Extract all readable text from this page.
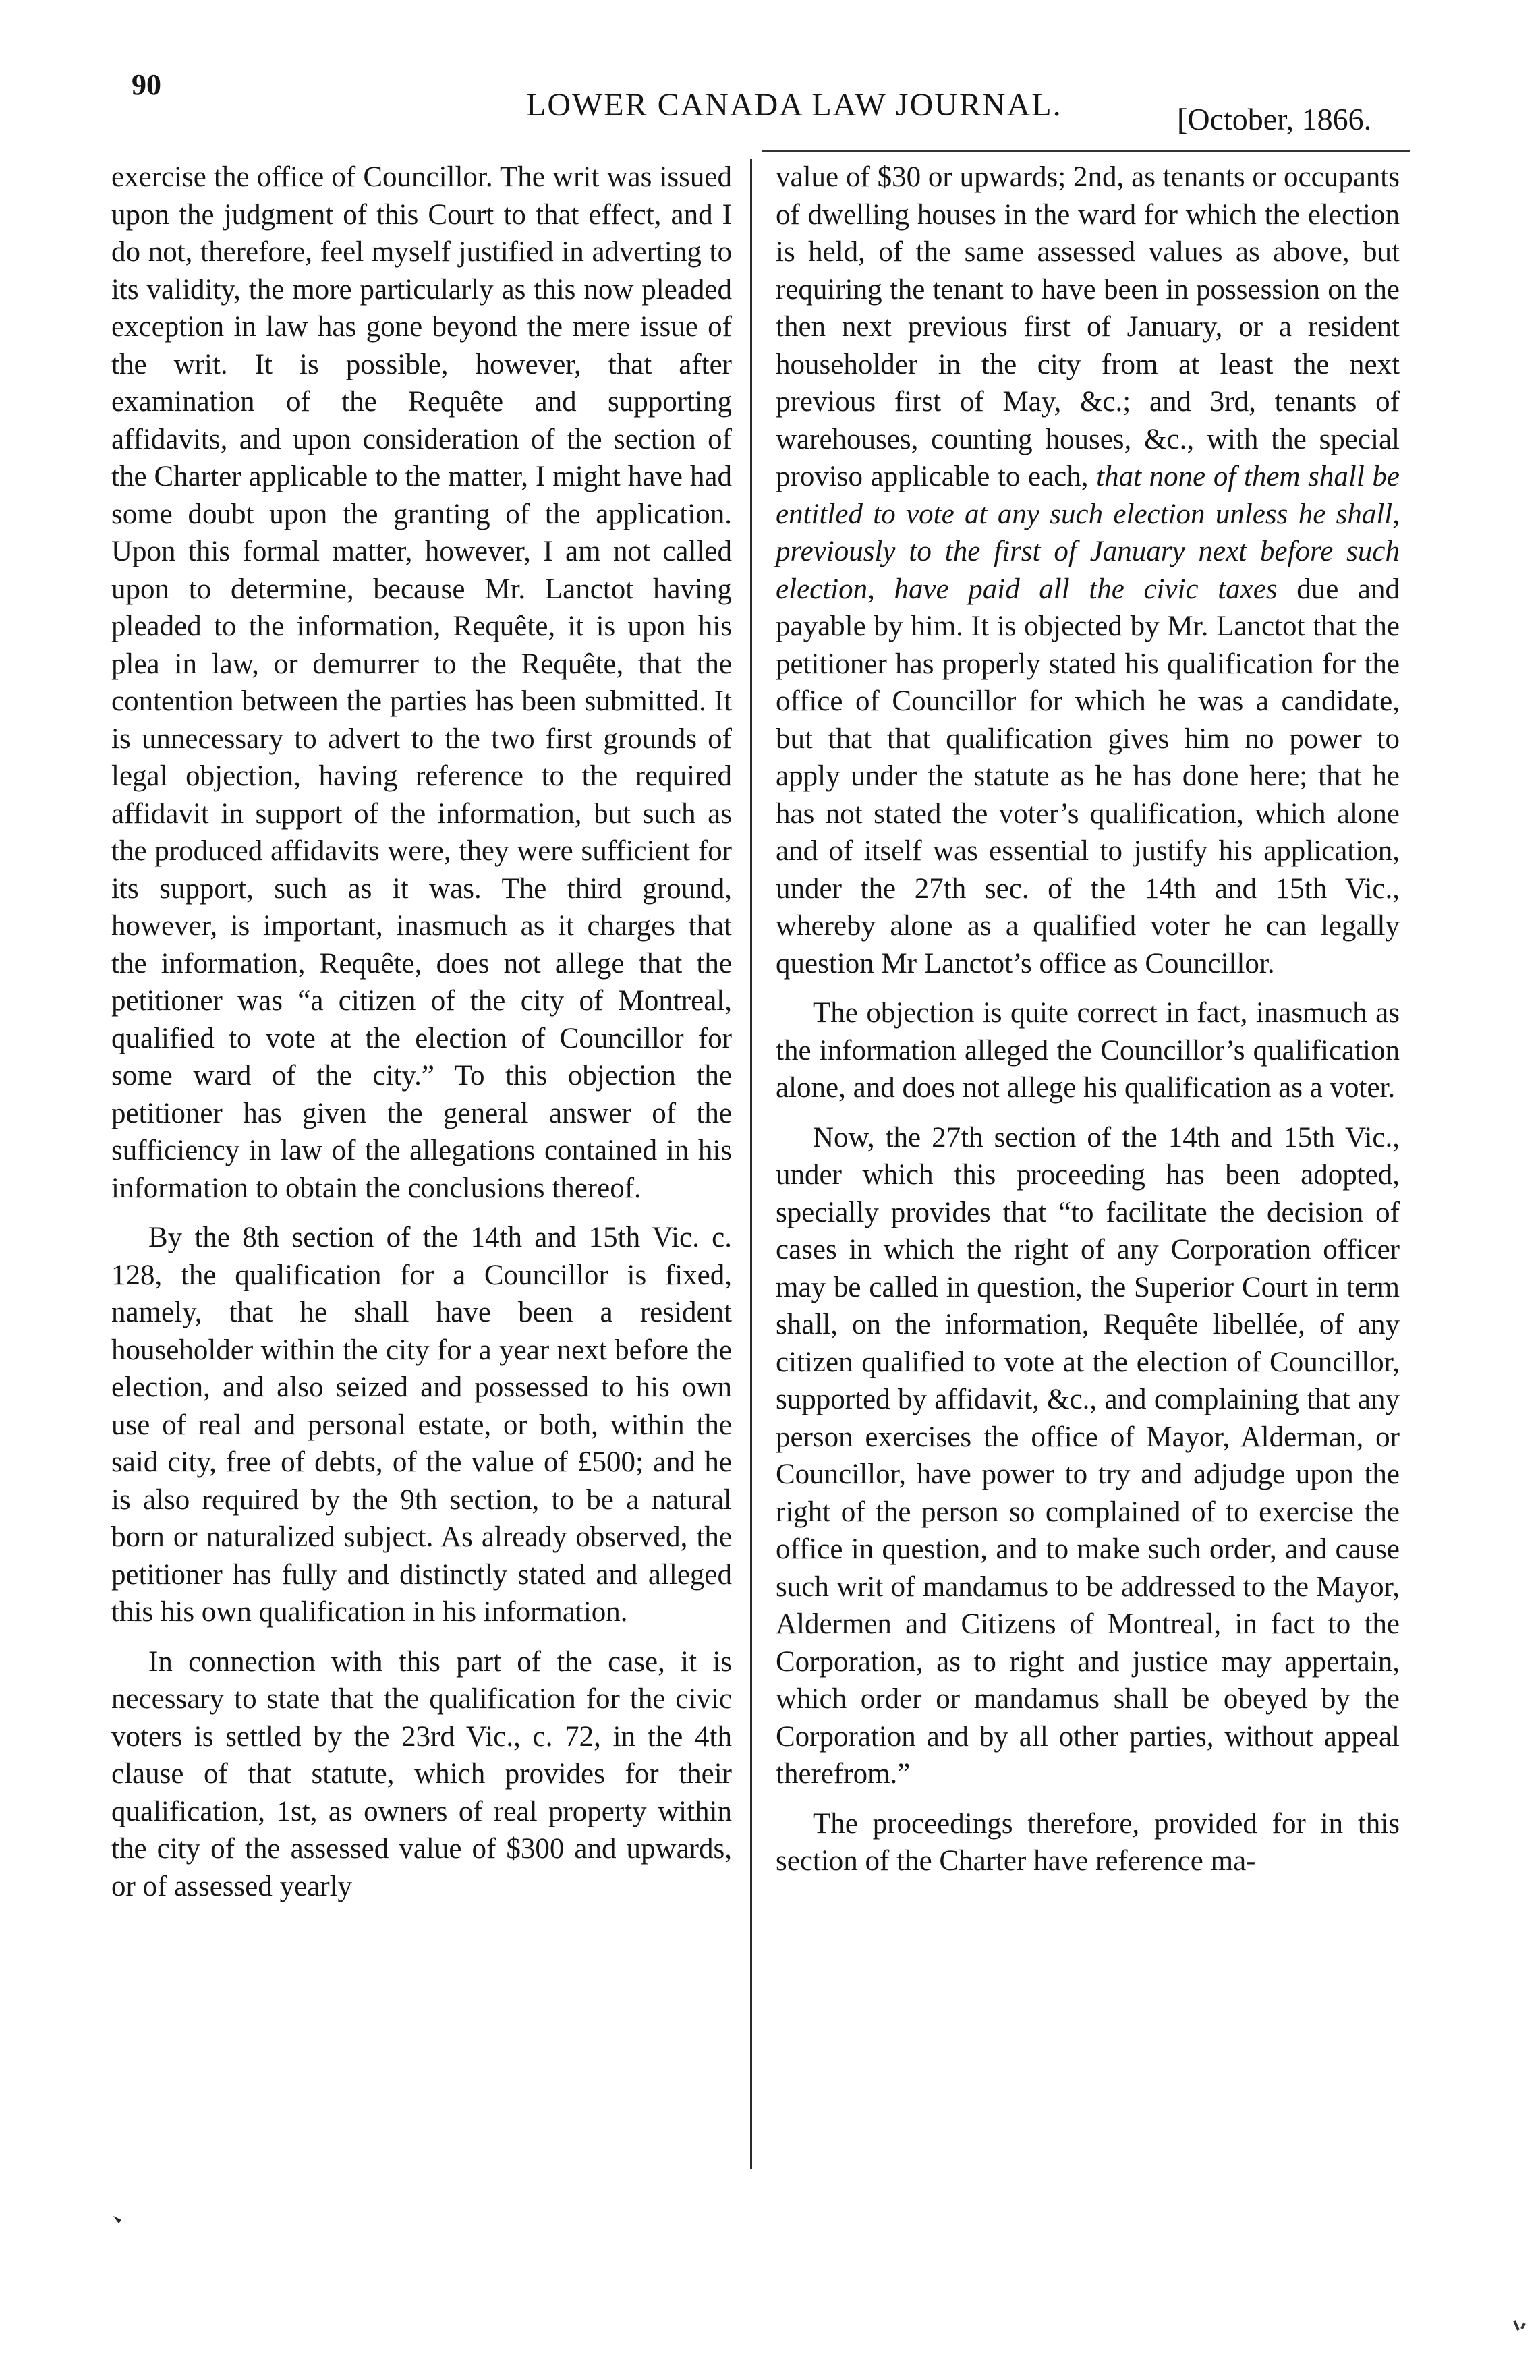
90
LOWER CANADA LAW JOURNAL.	[October, 1866.

exercise the office of Councillor. The writ was issued upon the judgment of this Court to that effect, and I do not, therefore, feel myself justified in adverting to its validity, the more particularly as this now pleaded exception in law has gone beyond the mere issue of the writ. It is possible, however, that after examination of the Requête and supporting affidavits, and upon consideration of the section of the Charter applicable to the matter, I might have had some doubt upon the granting of the application. Upon this formal matter, however, I am not called upon to determine, because Mr. Lanctot having pleaded to the information, Requête, it is upon his plea in law, or demurrer to the Requête, that the contention between the parties has been submitted. It is unnecessary to advert to the two first grounds of legal objection, having reference to the required affidavit in support of the information, but such as the produced affidavits were, they were sufficient for its support, such as it was. The third ground, however, is important, inasmuch as it charges that the information, Requête, does not allege that the petitioner was “a citizen of the city of Montreal, qualified to vote at the election of Councillor for some ward of the city.” To this objection the petitioner has given the general answer of the sufficiency in law of the allegations contained in his information to obtain the conclusions thereof.

By the 8th section of the 14th and 15th Vic. c. 128, the qualification for a Councillor is fixed, namely, that he shall have been a resident householder within the city for a year next before the election, and also seized and possessed to his own use of real and personal estate, or both, within the said city, free of debts, of the value of £500; and he is also required by the 9th section, to be a natural born or naturalized subject. As already observed, the petitioner has fully and distinctly stated and alleged this his own qualification in his information.

In connection with this part of the case, it is necessary to state that the qualification for the civic voters is settled by the 23rd Vic., c. 72, in the 4th clause of that statute, which provides for their qualification, 1st, as owners of real property within the city of the assessed value of $300 and upwards, or of assessed yearly

value of $30 or upwards; 2nd, as tenants or occupants of dwelling houses in the ward for which the election is held, of the same assessed values as above, but requiring the tenant to have been in possession on the then next previous first of January, or a resident householder in the city from at least the next previous first of May, &c.; and 3rd, tenants of warehouses, counting houses, &c., with the special proviso applicable to each, that none of them shall be entitled to vote at any such election unless he shall, previously to the first of January next before such election, have paid all the civic taxes due and payable by him. It is objected by Mr. Lanctot that the petitioner has properly stated his qualification for the office of Councillor for which he was a candidate, but that that qualification gives him no power to apply under the statute as he has done here; that he has not stated the voter’s qualification, which alone and of itself was essential to justify his application, under the 27th sec. of the 14th and 15th Vic., whereby alone as a qualified voter he can legally question Mr Lanctot’s office as Councillor.

The objection is quite correct in fact, inasmuch as the information alleged the Councillor’s qualification alone, and does not allege his qualification as a voter.

Now, the 27th section of the 14th and 15th Vic., under which this proceeding has been adopted, specially provides that “to facilitate the decision of cases in which the right of any Corporation officer may be called in question, the Superior Court in term shall, on the information, Requête libellée, of any citizen qualified to vote at the election of Councillor, supported by affidavit, &c., and complaining that any person exercises the office of Mayor, Alderman, or Councillor, have power to try and adjudge upon the right of the person so complained of to exercise the office in question, and to make such order, and cause such writ of mandamus to be addressed to the Mayor, Aldermen and Citizens of Montreal, in fact to the Corporation, as to right and justice may appertain, which order or mandamus shall be obeyed by the Corporation and by all other parties, without appeal therefrom.”

The proceedings therefore, provided for in this section of the Charter have reference ma-
